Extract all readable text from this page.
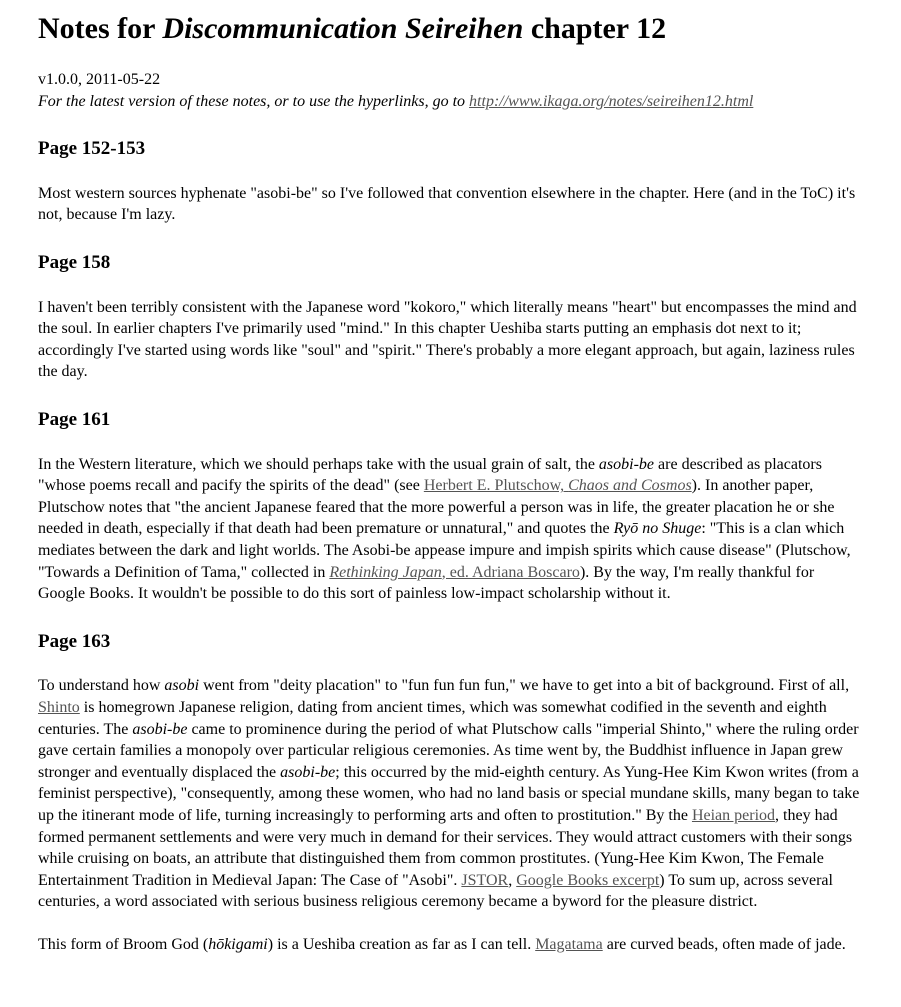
Notes for Discommunication Seireihen chapter 12

v1.0.0, 2011-05-22
For the latest version of these notes, or to use the hyperlinks, go to http://www.ikaga.org/notes/seireihen12.html

Page 152-153

Most western sources hyphenate "asobi-be" so I've followed that convention elsewhere in the chapter. Here (and in the ToC) it's not, because I'm lazy.

Page 158

I haven't been terribly consistent with the Japanese word "kokoro," which literally means "heart" but encompasses the mind and the soul. In earlier chapters I've primarily used "mind." In this chapter Ueshiba starts putting an emphasis dot next to it; accordingly I've started using words like "soul" and "spirit." There's probably a more elegant approach, but again, laziness rules the day.

Page 161

In the Western literature, which we should perhaps take with the usual grain of salt, the asobi-be are described as placators "whose poems recall and pacify the spirits of the dead" (see Herbert E. Plutschow, Chaos and Cosmos). In another paper, Plutschow notes that "the ancient Japanese feared that the more powerful a person was in life, the greater placation he or she needed in death, especially if that death had been premature or unnatural," and quotes the Ryō no Shuge: "This is a clan which mediates between the dark and light worlds. The Asobi-be appease impure and impish spirits which cause disease" (Plutschow, "Towards a Definition of Tama," collected in Rethinking Japan, ed. Adriana Boscaro). By the way, I'm really thankful for Google Books. It wouldn't be possible to do this sort of painless low-impact scholarship without it.

Page 163

To understand how asobi went from "deity placation" to "fun fun fun fun," we have to get into a bit of background. First of all, Shinto is homegrown Japanese religion, dating from ancient times, which was somewhat codified in the seventh and eighth centuries. The asobi-be came to prominence during the period of what Plutschow calls "imperial Shinto," where the ruling order gave certain families a monopoly over particular religious ceremonies. As time went by, the Buddhist influence in Japan grew stronger and eventually displaced the asobi-be; this occurred by the mid-eighth century. As Yung-Hee Kim Kwon writes (from a feminist perspective), "consequently, among these women, who had no land basis or special mundane skills, many began to take up the itinerant mode of life, turning increasingly to performing arts and often to prostitution." By the Heian period, they had formed permanent settlements and were very much in demand for their services. They would attract customers with their songs while cruising on boats, an attribute that distinguished them from common prostitutes. (Yung-Hee Kim Kwon, The Female Entertainment Tradition in Medieval Japan: The Case of "Asobi". JSTOR, Google Books excerpt) To sum up, across several centuries, a word associated with serious business religious ceremony became a byword for the pleasure district.

This form of Broom God (hōkigami) is a Ueshiba creation as far as I can tell. Magatama are curved beads, often made of jade.
